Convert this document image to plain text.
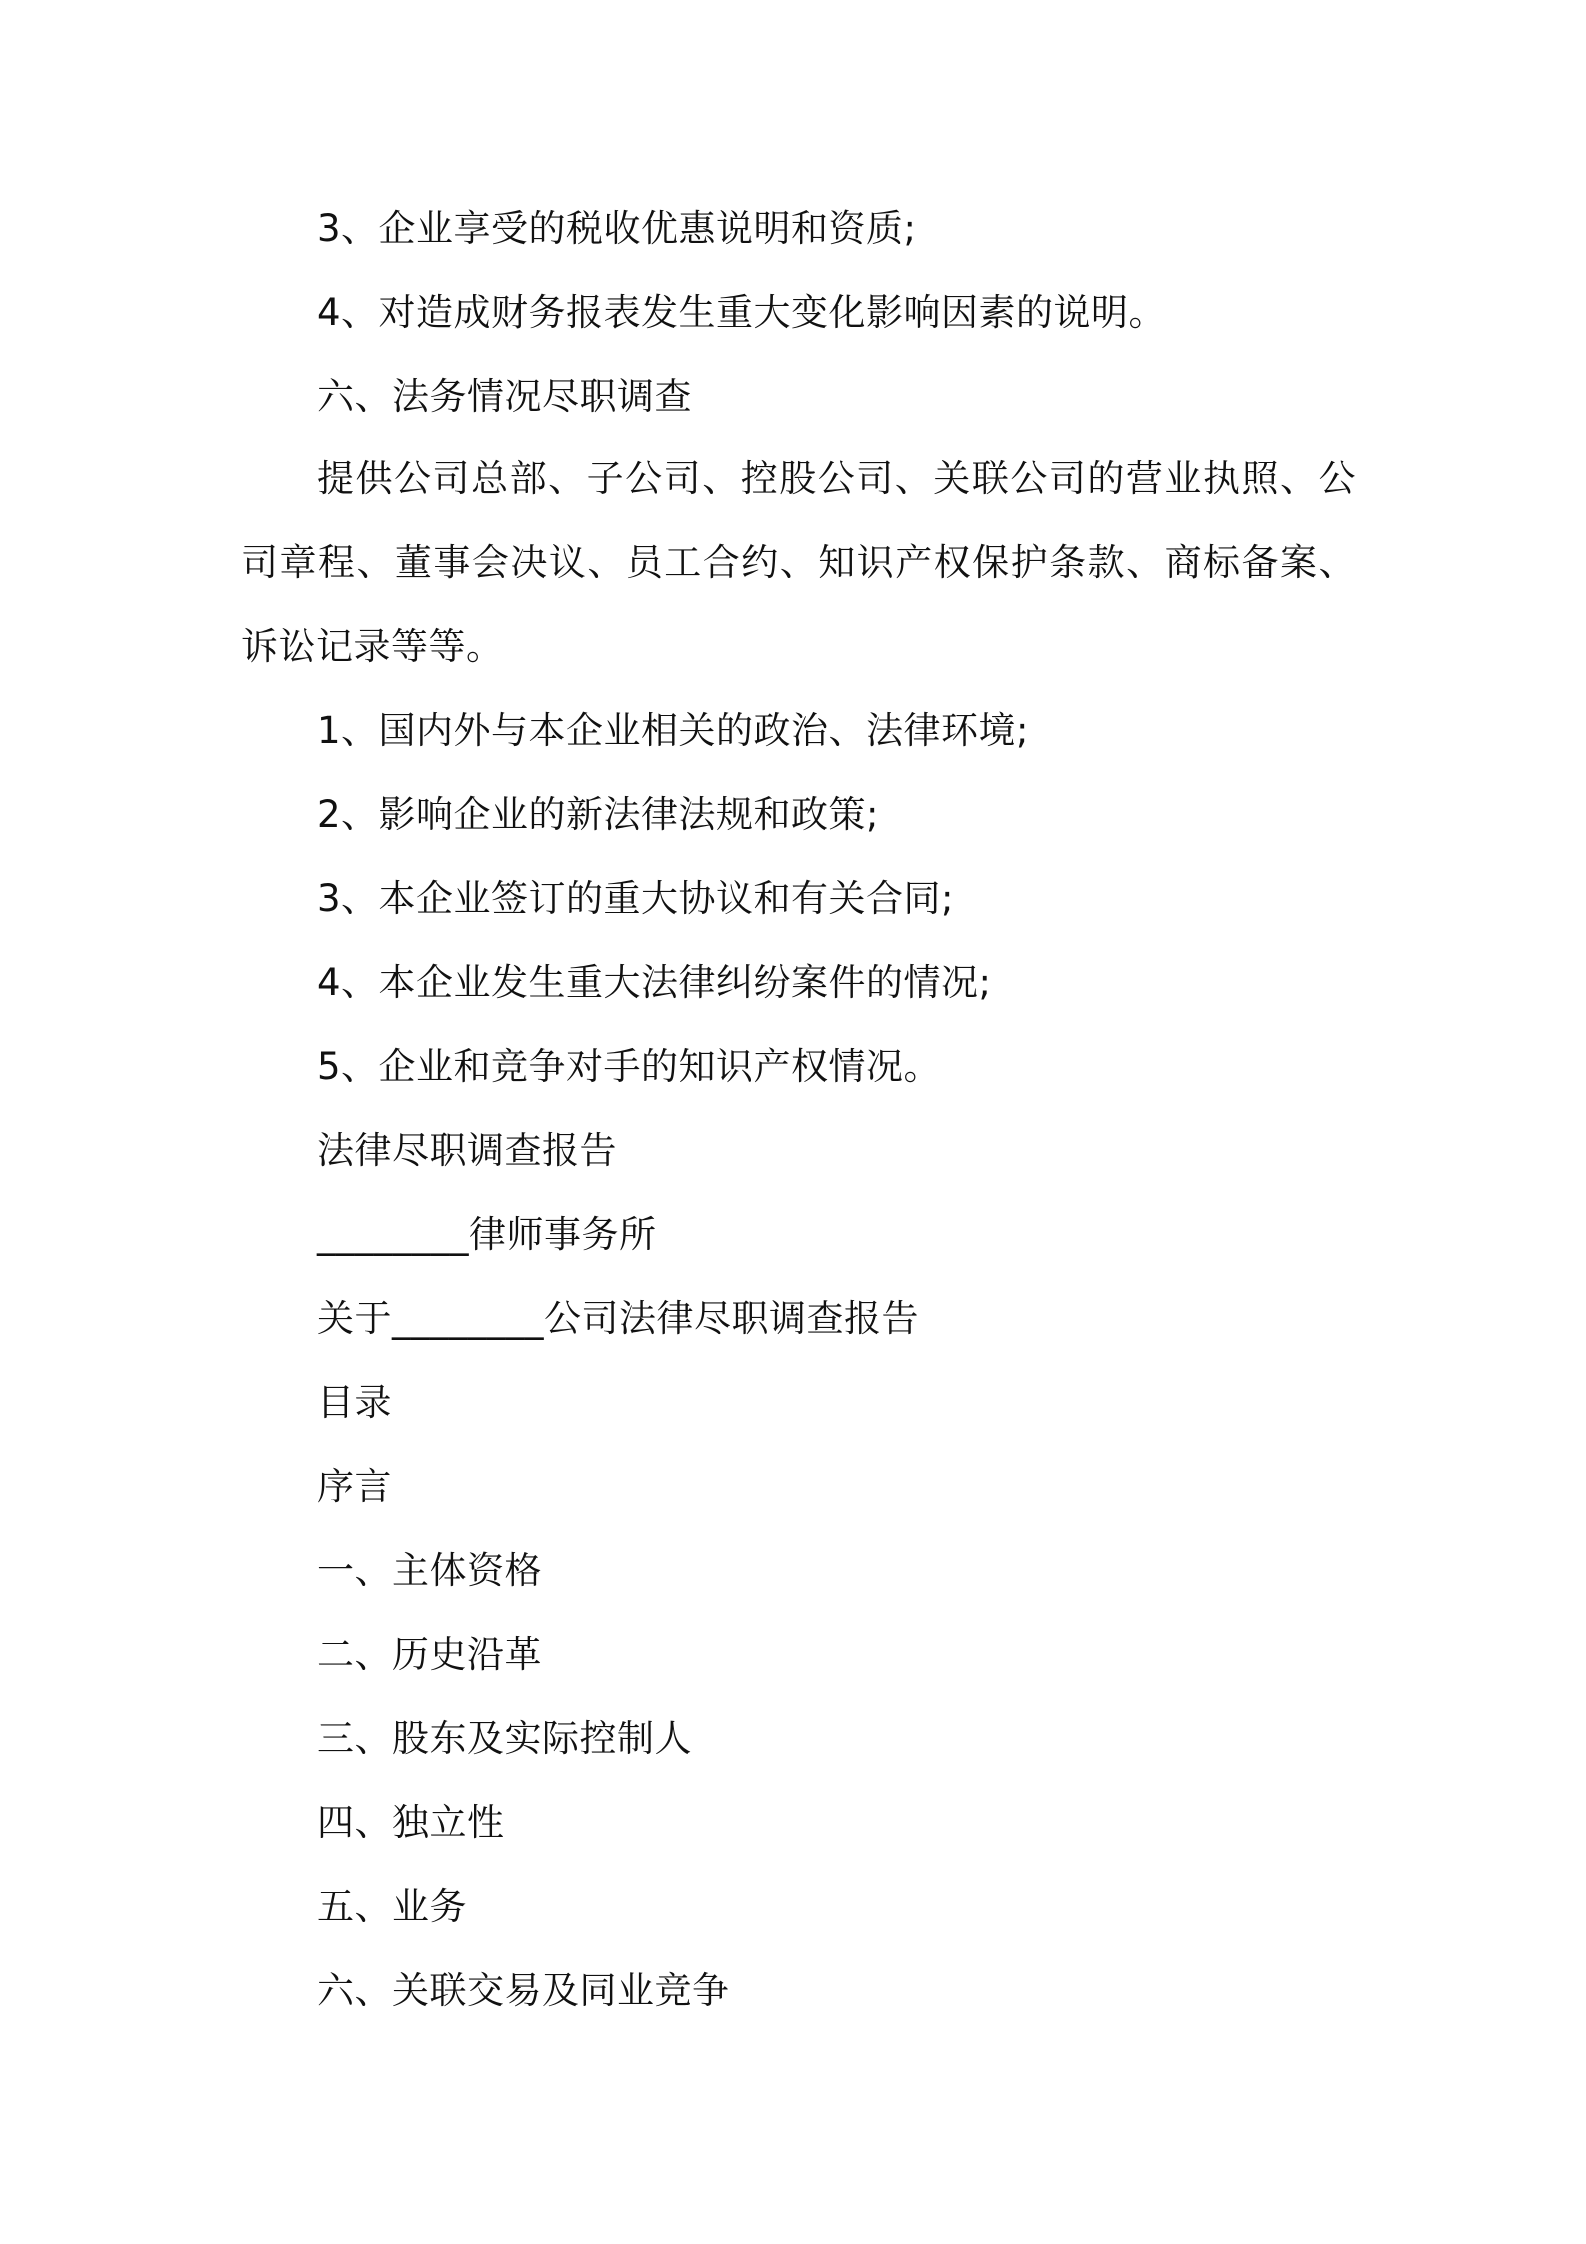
3、企业享受的税收优惠说明和资质;
4、对造成财务报表发生重大变化影响因素的说明。
六、法务情况尽职调查
提供公司总部、子公司、控股公司、关联公司的营业执照、公司章程、董事会决议、员工合约、知识产权保护条款、商标备案、诉讼记录等等。
1、国内外与本企业相关的政治、法律环境;
2、影响企业的新法律法规和政策;
3、本企业签订的重大协议和有关合同;
4、本企业发生重大法律纠纷案件的情况;
5、企业和竞争对手的知识产权情况。
法律尽职调查报告
________律师事务所
关于________公司法律尽职调查报告
目录
序言
一、主体资格
二、历史沿革
三、股东及实际控制人
四、独立性
五、业务
六、关联交易及同业竞争
